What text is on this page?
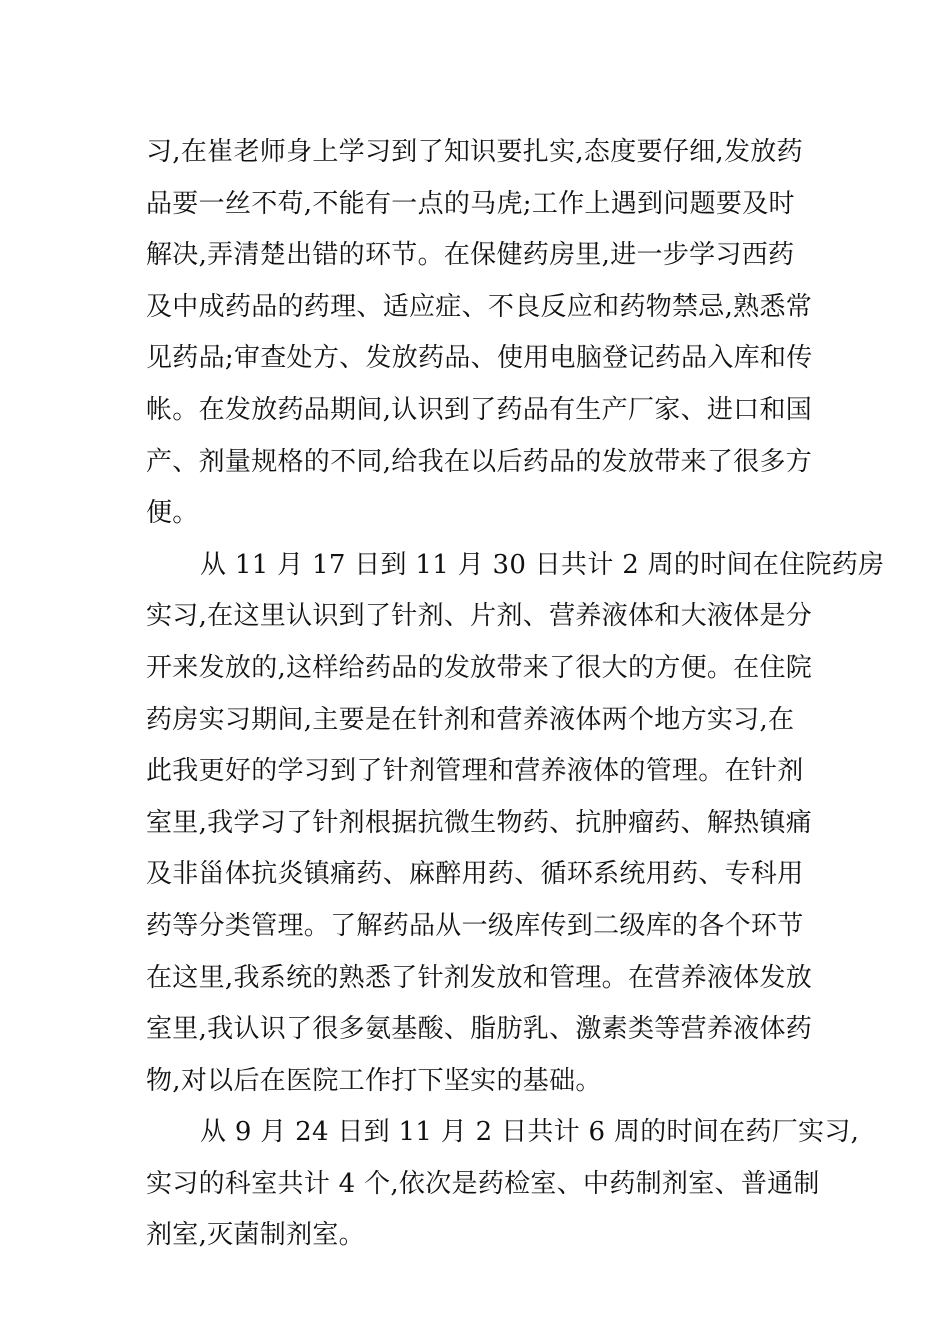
习,在崔老师身上学习到了知识要扎实,态度要仔细,发放药
品要一丝不苟,不能有一点的马虎;工作上遇到问题要及时
解决,弄清楚出错的环节。在保健药房里,进一步学习西药
及中成药品的药理、适应症、不良反应和药物禁忌,熟悉常
见药品;审查处方、发放药品、使用电脑登记药品入库和传
帐。在发放药品期间,认识到了药品有生产厂家、进口和国
产、剂量规格的不同,给我在以后药品的发放带来了很多方
便。
从 11 月 17 日到 11 月 30 日共计 2 周的时间在住院药房
实习,在这里认识到了针剂、片剂、营养液体和大液体是分
开来发放的,这样给药品的发放带来了很大的方便。在住院
药房实习期间,主要是在针剂和营养液体两个地方实习,在
此我更好的学习到了针剂管理和营养液体的管理。在针剂
室里,我学习了针剂根据抗微生物药、抗肿瘤药、解热镇痛
及非甾体抗炎镇痛药、麻醉用药、循环系统用药、专科用
药等分类管理。了解药品从一级库传到二级库的各个环节
在这里,我系统的熟悉了针剂发放和管理。在营养液体发放
室里,我认识了很多氨基酸、脂肪乳、激素类等营养液体药
物,对以后在医院工作打下坚实的基础。
从 9 月 24 日到 11 月 2 日共计 6 周的时间在药厂实习,
实习的科室共计 4 个,依次是药检室、中药制剂室、普通制
剂室,灭菌制剂室。
